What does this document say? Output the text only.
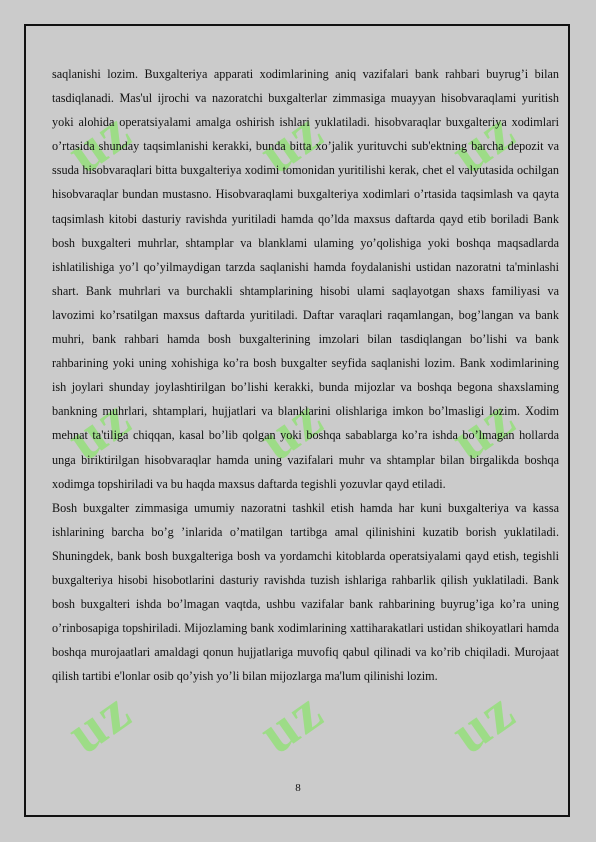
uz uz uz
uz uz uz
uz uz uz

saqlanishi lozim. Buxgalteriya apparati xodimlarining aniq vazifalari bank rahbari buyrug’i bilan tasdiqlanadi. Mas'ul ijrochi va nazoratchi buxgalterlar zimmasiga muayyan hisobvaraqlami yuritish yoki alohida operatsiyalami amalga oshirish ishlari yuklatiladi. hisobvaraqlar buxgalteriya xodimlari o’rtasida shunday taqsimlanishi kerakki, bunda bitta xo’jalik yurituvchi sub'ektning barcha depozit va ssuda hisobvaraqlari bitta buxgalteriya xodimi tomonidan yuritilishi kerak, chet el valyutasida ochilgan hisobvaraqlar bundan mustasno. Hisobvaraqlami buxgalteriya xodimlari o’rtasida taqsimlash va qayta taqsimlash kitobi dasturiy ravishda yuritiladi hamda qo’lda maxsus daftarda qayd etib boriladi Bank bosh buxgalteri muhrlar, shtamplar va blanklami ulaming yo’qolishiga yoki boshqa maqsadlarda ishlatilishiga yo’l qo’yilmaydigan tarzda saqlanishi hamda foydalanishi ustidan nazoratni ta'minlashi shart. Bank muhrlari va burchakli shtamplarining hisobi ulami saqlayotgan shaxs familiyasi va lavozimi ko’rsatilgan maxsus daftarda yuritiladi. Daftar varaqlari raqamlangan, bog’langan va bank muhri, bank rahbari hamda bosh buxgalterining imzolari bilan tasdiqlangan bo’lishi va bank rahbarining yoki uning xohishiga ko’ra bosh buxgalter seyfida saqlanishi lozim. Bank xodimlarining ish joylari shunday joylashtirilgan bo’lishi kerakki, bunda mijozlar va boshqa begona shaxslaming bankning muhrlari, shtamplari, hujjatlari va blanklarini olishlariga imkon bo’lmasligi lozim. Xodim mehnat ta'tiliga chiqqan, kasal bo’lib qolgan yoki boshqa sabablarga ko’ra ishda bo’lmagan hollarda unga biriktirilgan hisobvaraqlar hamda uning vazifalari muhr va shtamplar bilan birgalikda boshqa xodimga topshiriladi va bu haqda maxsus daftarda tegishli yozuvlar qayd etiladi.

Bosh buxgalter zimmasiga umumiy nazoratni tashkil etish hamda har kuni buxgalteriya va kassa ishlarining barcha bo’g ’inlarida o’matilgan tartibga amal qilinishini kuzatib borish yuklatiladi. Shuningdek, bank bosh buxgalteriga bosh va yordamchi kitoblarda operatsiyalami qayd etish, tegishli buxgalteriya hisobi hisobotlarini dasturiy ravishda tuzish ishlariga rahbarlik qilish yuklatiladi. Bank bosh buxgalteri ishda bo’lmagan vaqtda, ushbu vazifalar bank rahbarining buyrug’iga ko’ra uning o’rinbosapiga topshiriladi. Mijozlaming bank xodimlarining xattiharakatlari ustidan shikoyatlari hamda boshqa murojaatlari amaldagi qonun hujjatlariga muvofiq qabul qilinadi va ko’rib chiqiladi. Murojaat qilish tartibi e'lonlar osib qo’yish yo’li bilan mijozlarga ma'lum qilinishi lozim.

8
